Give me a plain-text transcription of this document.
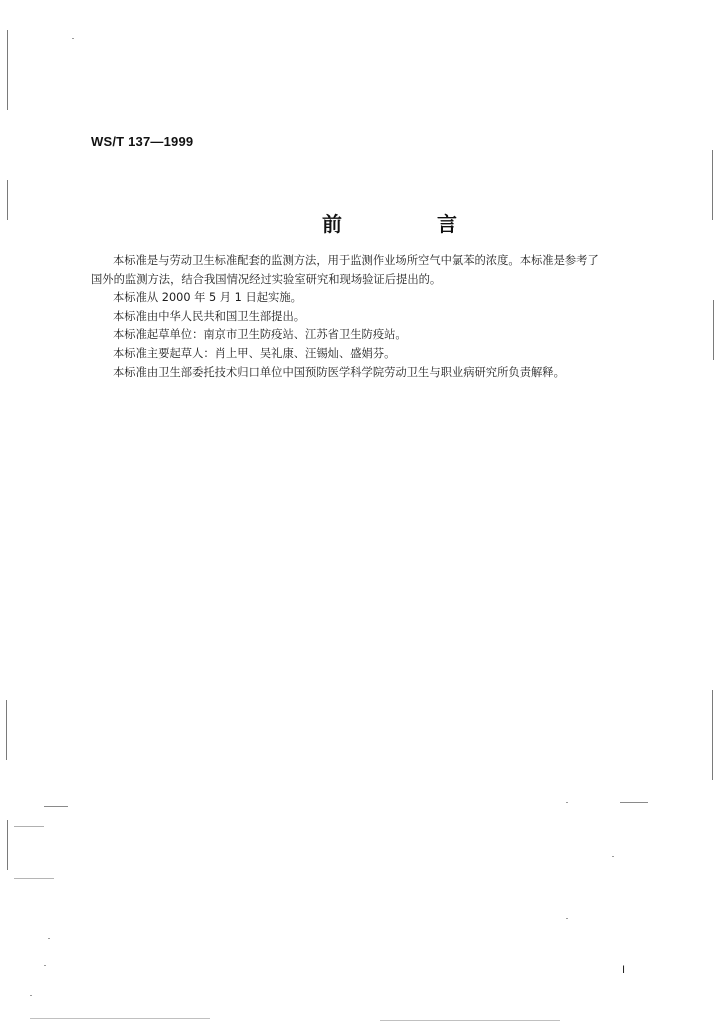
WS/T 137—1999
前 言

本标准是与劳动卫生标准配套的监测方法，用于监测作业场所空气中氯苯的浓度。本标准是参考了

国外的监测方法，结合我国情况经过实验室研究和现场验证后提出的。

本标准从 2000 年 5 月 1 日起实施。

本标准由中华人民共和国卫生部提出。

本标准起草单位：南京市卫生防疫站、江苏省卫生防疫站。

本标准主要起草人：肖上甲、吴礼康、汪锡灿、盛娟芬。

本标准由卫生部委托技术归口单位中国预防医学科学院劳动卫生与职业病研究所负责解释。

I
